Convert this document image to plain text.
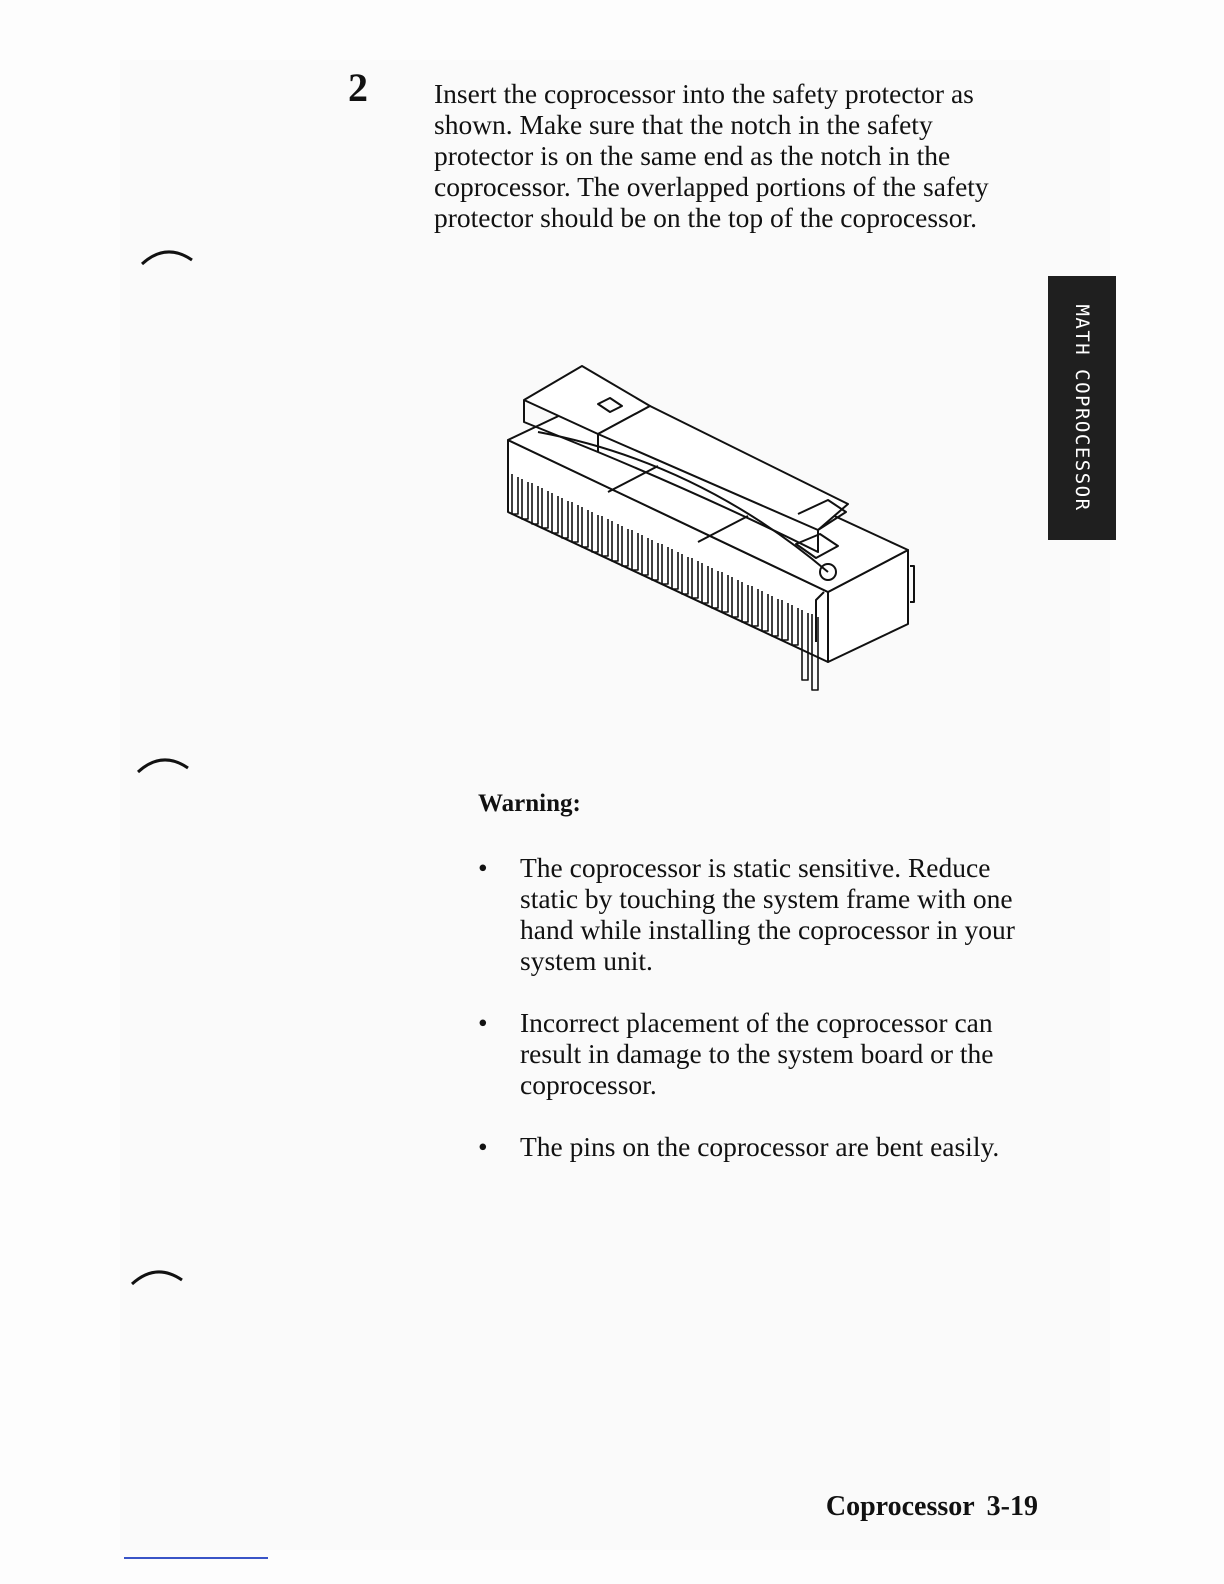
2 Insert the coprocessor into the safety protector as shown. Make sure that the notch in the safety protector is on the same end as the notch in the coprocessor. The overlapped portions of the safety protector should be on the top of the coprocessor.

MATH COPROCESSOR

Warning:

• The coprocessor is static sensitive. Reduce static by touching the system frame with one hand while installing the coprocessor in your system unit.
• Incorrect placement of the coprocessor can result in damage to the system board or the coprocessor.
• The pins on the coprocessor are bent easily.
Coprocessor 3-19
